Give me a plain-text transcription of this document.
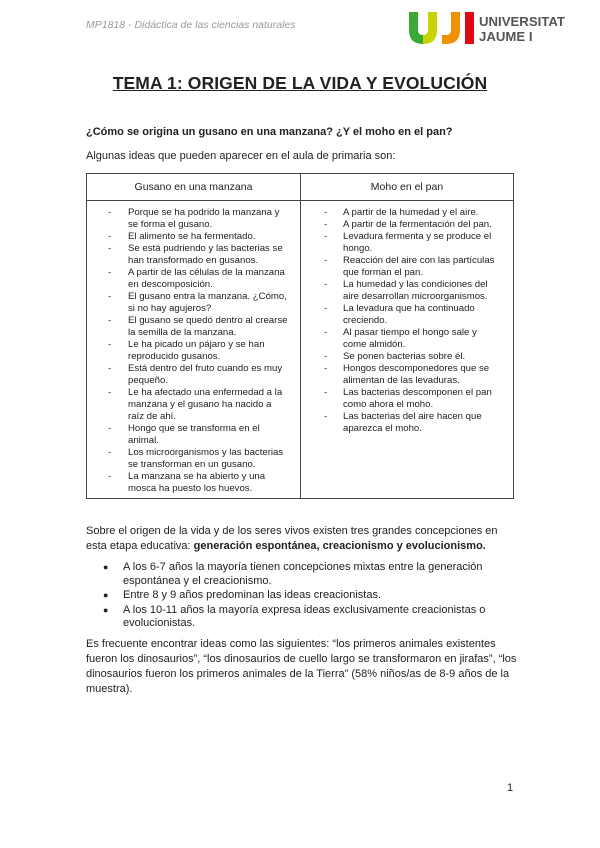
MP1818 - Didáctica de las ciencias naturales	UNIVERSITAT
JAUME I
TEMA 1: ORIGEN DE LA VIDA Y EVOLUCIÓN
¿Cómo se origina un gusano en una manzana? ¿Y el moho en el pan?
Algunas ideas que pueden aparecer en el aula de primaria son:
Gusano en una manzana	Moho en el pan
- Porque se ha podrido la manzana y se forma el gusano.
- El alimento se ha fermentado.
- Se está pudriendo y las bacterias se han transformado en gusanos.
- A partir de las células de la manzana en descomposición.
- El gusano entra la manzana. ¿Cómo, si no hay agujeros?
- El gusano se quedó dentro al crearse la semilla de la manzana.
- Le ha picado un pájaro y se han reproducido gusanos.
- Está dentro del fruto cuando es muy pequeño.
- Le ha afectado una enfermedad a la manzana y el gusano ha nacido a raíz de ahí.
- Hongo que se transforma en el animal.
- Los microorganismos y las bacterias se transforman en un gusano.
- La manzana se ha abierto y una mosca ha puesto los huevos.
- A partir de la humedad y el aire.
- A partir de la fermentación del pan.
- Levadura fermenta y se produce el hongo.
- Reacción del aire con las partículas que forman el pan.
- La humedad y las condiciones del aire desarrollan microorganismos.
- La levadura que ha continuado creciendo.
- Al pasar tiempo el hongo sale y come almidón.
- Se ponen bacterias sobre él.
- Hongos descomponedores que se alimentan de las levaduras.
- Las bacterias descomponen el pan como ahora el moho.
- Las bacterias del aire hacen que aparezca el moho.
Sobre el origen de la vida y de los seres vivos existen tres grandes concepciones en esta etapa educativa: generación espontánea, creacionismo y evolucionismo.
● A los 6-7 años la mayoría tienen concepciones mixtas entre la generación espontánea y el creacionismo.
● Entre 8 y 9 años predominan las ideas creacionistas.
● A los 10-11 años la mayoría expresa ideas exclusivamente creacionistas o evolucionistas.
Es frecuente encontrar ideas como las siguientes: “los primeros animales existentes fueron los dinosaurios”, “los dinosaurios de cuello largo se transformaron en jirafas”, “los dinosaurios fueron los primeros animales de la Tierra” (58% niños/as de 8-9 años de la muestra).
1
